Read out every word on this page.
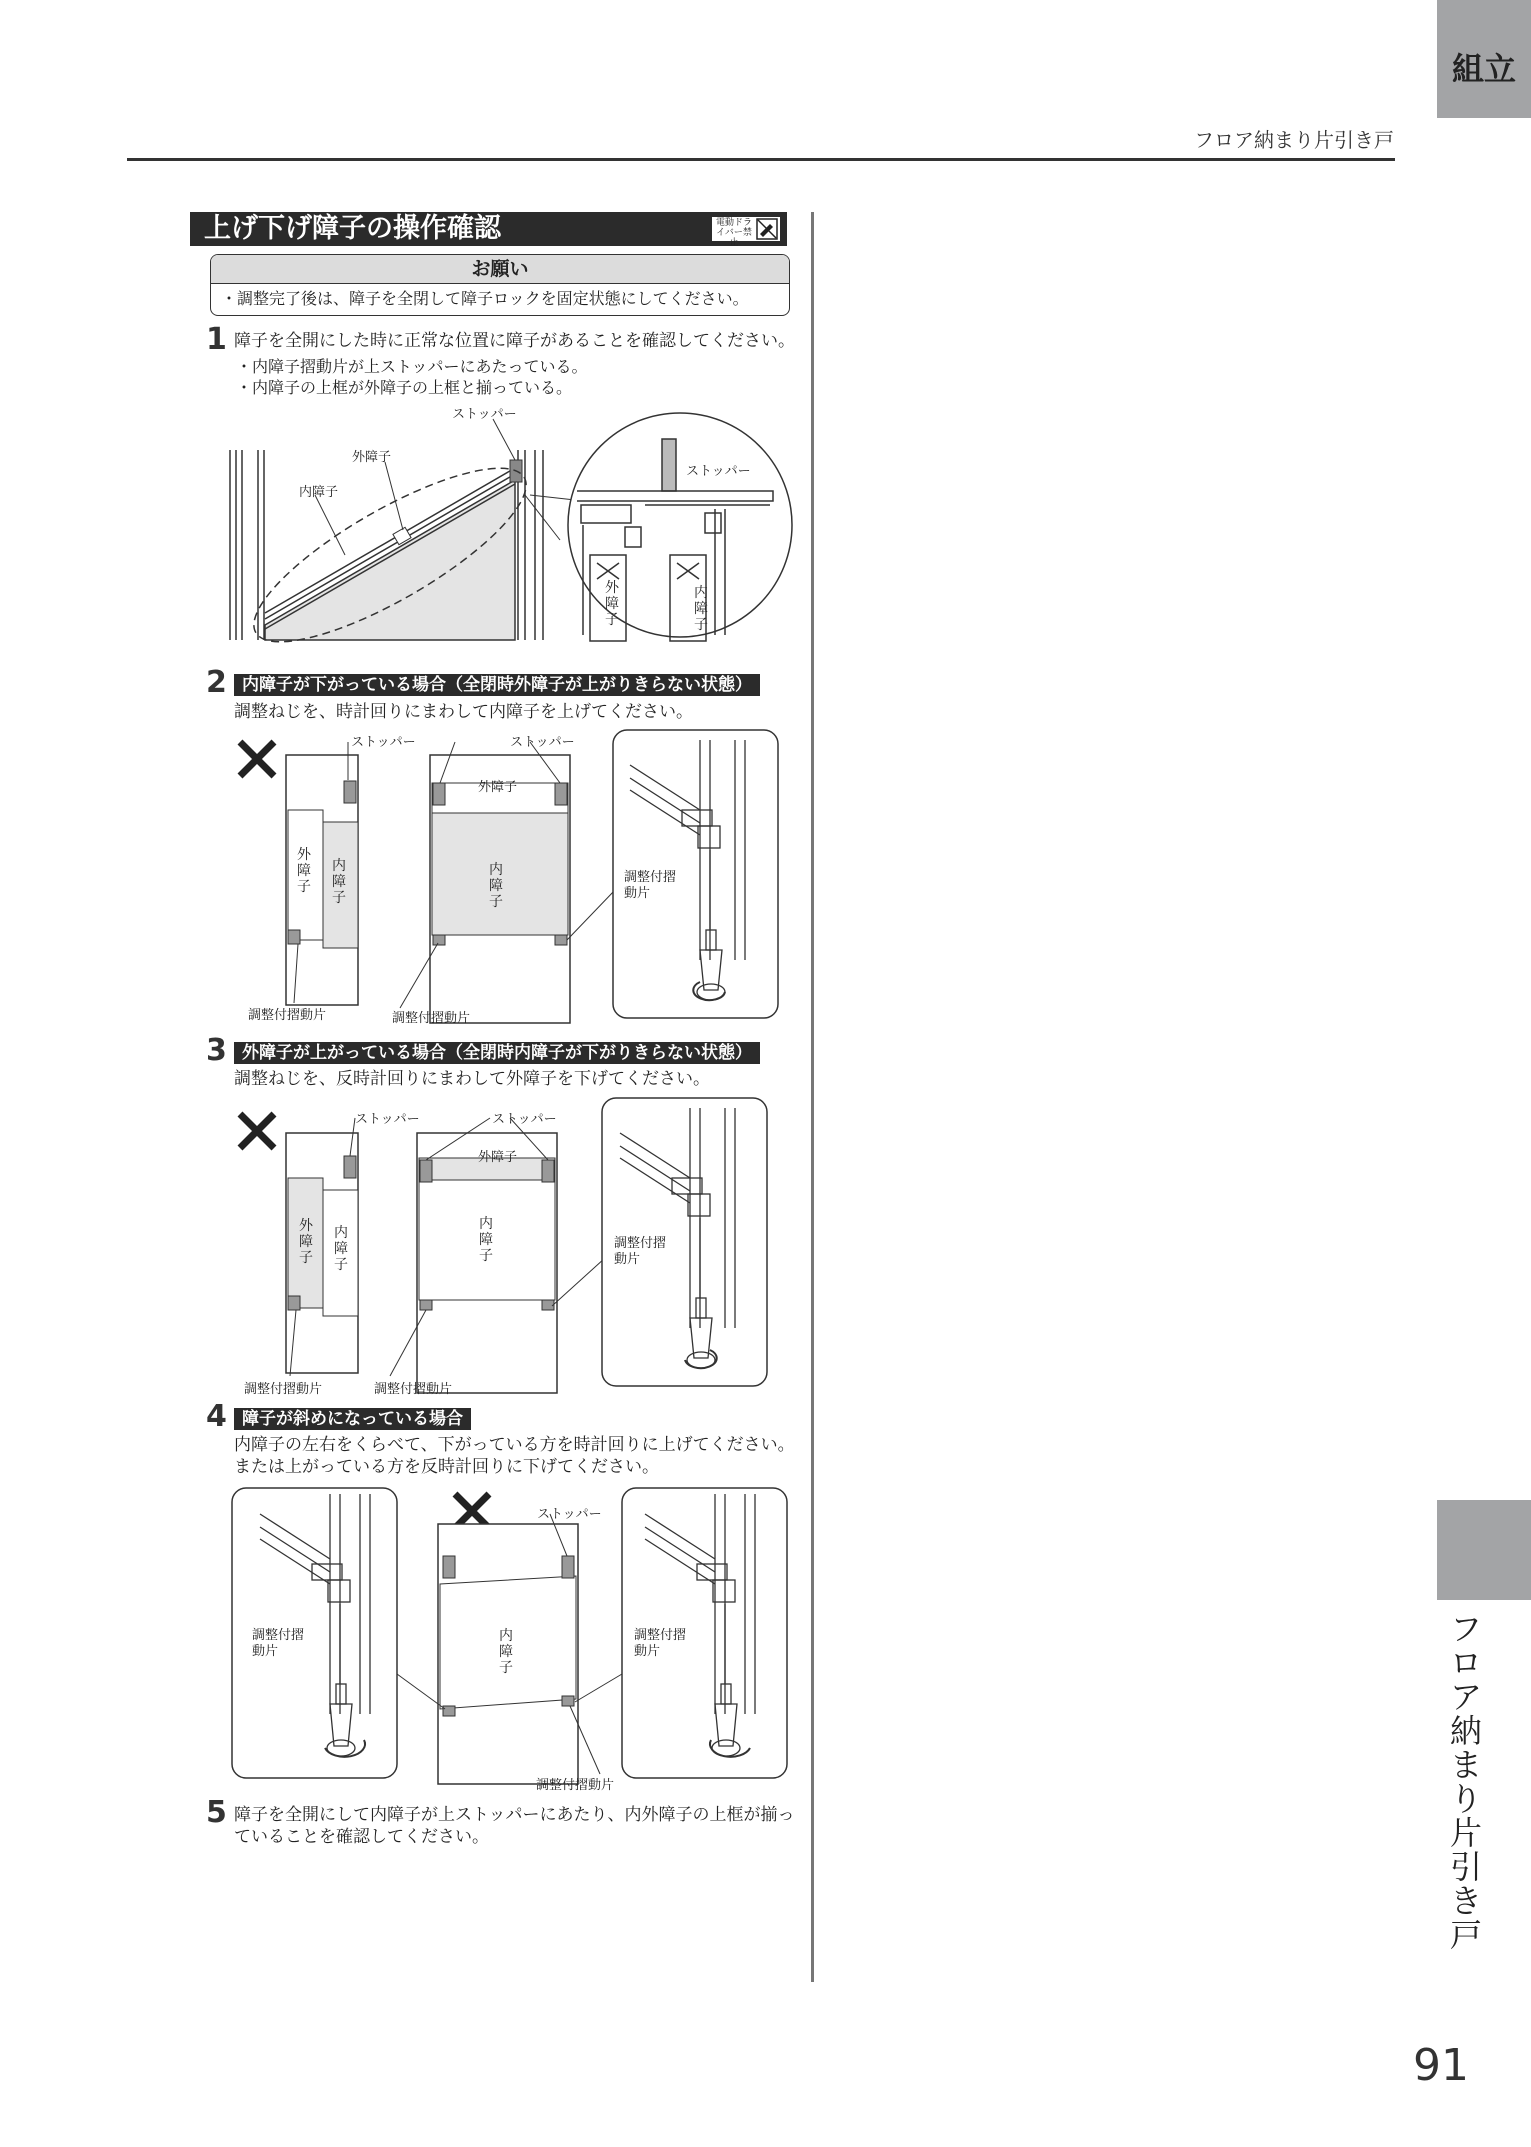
組立
フロア納まり片引き戸
フロア納まり片引き戸
91
上げ下げ障子の操作確認	電動ドライバー禁止
お願い
・調整完了後は、障子を全閉して障子ロックを固定状態にしてください。
1 障子を全開にした時に正常な位置に障子があることを確認してください。
・内障子摺動片が上ストッパーにあたっている。
・内障子の上框が外障子の上框と揃っている。
ストッパー
外障子
内障子
ストッパー
外障子
内障子
2 内障子が下がっている場合（全閉時外障子が上がりきらない状態）
調整ねじを、時計回りにまわして内障子を上げてください。
ストッパー	ストッパー
外障子
外障子
内障子
内障子
調整付摺動片	調整付摺動片
調整付摺動片
3 外障子が上がっている場合（全閉時内障子が下がりきらない状態）
調整ねじを、反時計回りにまわして外障子を下げてください。
ストッパー	ストッパー
外障子
外障子
内障子
内障子
調整付摺動片	調整付摺動片
調整付摺動片
4 障子が斜めになっている場合
内障子の左右をくらべて、下がっている方を時計回りに上げてください。
または上がっている方を反時計回りに下げてください。
ストッパー
内障子
調整付摺動片
調整付摺動片
調整付摺動片
5 障子を全開にして内障子が上ストッパーにあたり、内外障子の上框が揃っ
ていることを確認してください。
